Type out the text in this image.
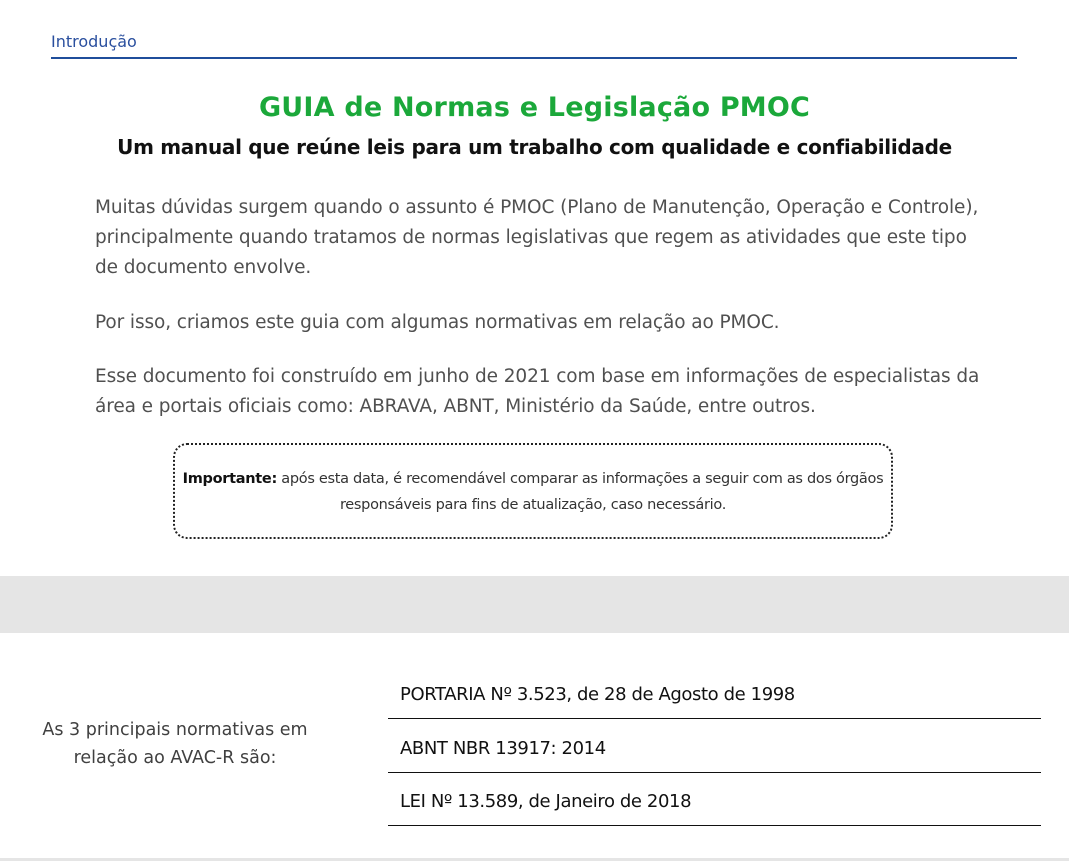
Introdução
GUIA de Normas e Legislação PMOC
Um manual que reúne leis para um trabalho com qualidade e confiabilidade
Muitas dúvidas surgem quando o assunto é PMOC (Plano de Manutenção, Operação e Controle), principalmente quando tratamos de normas legislativas que regem as atividades que este tipo de documento envolve.
Por isso, criamos este guia com algumas normativas em relação ao PMOC.
Esse documento foi construído em junho de 2021 com base em informações de especialistas da área e portais oficiais como: ABRAVA, ABNT, Ministério da Saúde, entre outros.
Importante: após esta data, é recomendável comparar as informações a seguir com as dos órgãos responsáveis para fins de atualização, caso necessário.
As 3 principais normativas em relação ao AVAC-R são:
PORTARIA Nº 3.523, de 28 de Agosto de 1998
ABNT NBR 13917: 2014
LEI Nº 13.589, de Janeiro de 2018
